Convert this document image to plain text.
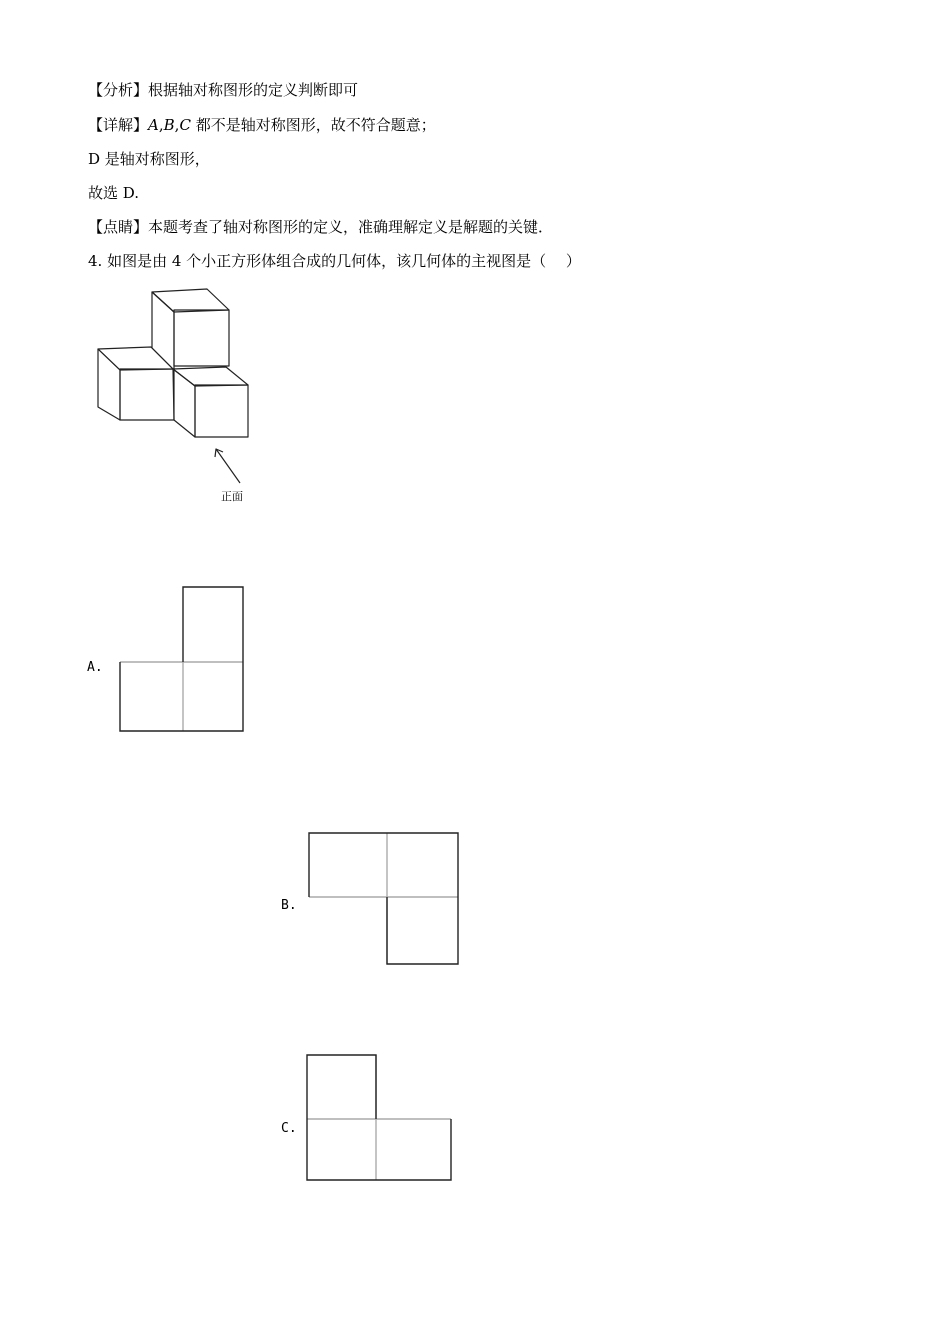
【分析】根据轴对称图形的定义判断即可
【详解】A,B,C 都不是轴对称图形，故不符合题意；
D 是轴对称图形，
故选 D.
【点睛】本题考查了轴对称图形的定义，准确理解定义是解题的关键．
4. 如图是由 4 个小正方形体组合成的几何体，该几何体的主视图是（　 ）
正面
A.
B.
C.
